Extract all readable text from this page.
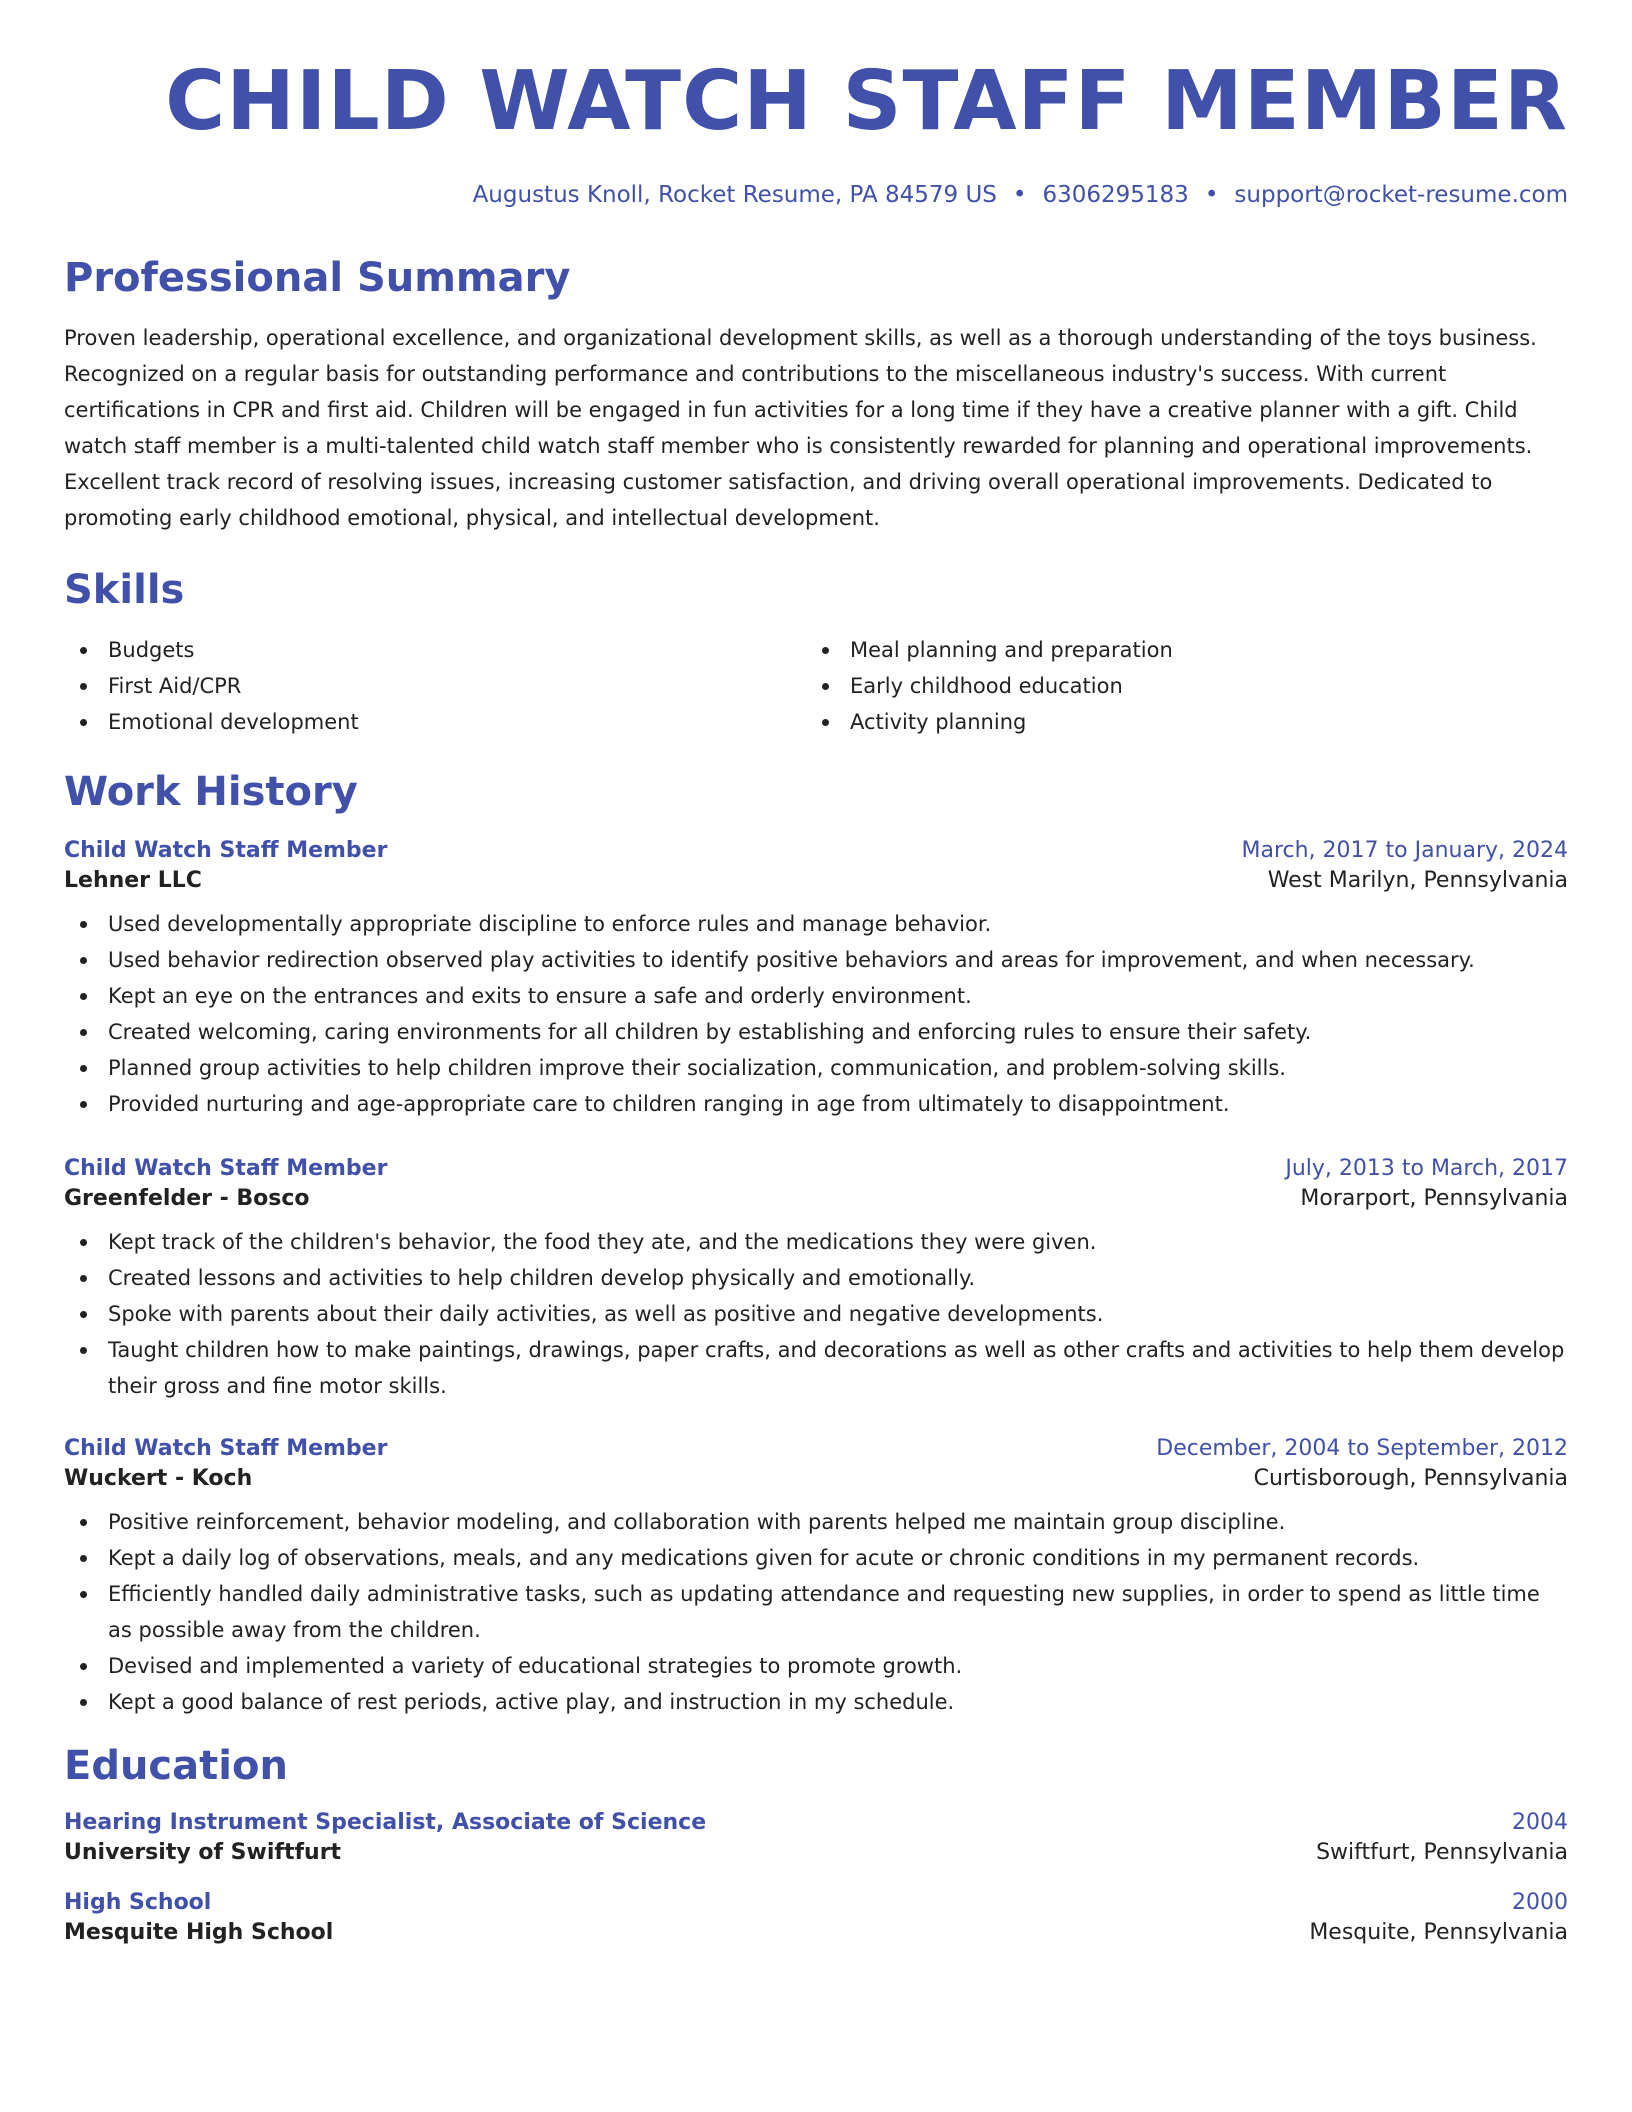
CHILD WATCH STAFF MEMBER
Augustus Knoll, Rocket Resume, PA 84579 US • 6306295183 • support@rocket-resume.com
Professional Summary
Proven leadership, operational excellence, and organizational development skills, as well as a thorough understanding of the toys business. Recognized on a regular basis for outstanding performance and contributions to the miscellaneous industry's success. With current certifications in CPR and first aid. Children will be engaged in fun activities for a long time if they have a creative planner with a gift. Child watch staff member is a multi-talented child watch staff member who is consistently rewarded for planning and operational improvements. Excellent track record of resolving issues, increasing customer satisfaction, and driving overall operational improvements. Dedicated to promoting early childhood emotional, physical, and intellectual development.
Skills
Budgets
First Aid/CPR
Emotional development
Meal planning and preparation
Early childhood education
Activity planning
Work History
Child Watch Staff Member	March, 2017 to January, 2024
Lehner LLC	West Marilyn, Pennsylvania
Used developmentally appropriate discipline to enforce rules and manage behavior.
Used behavior redirection observed play activities to identify positive behaviors and areas for improvement, and when necessary.
Kept an eye on the entrances and exits to ensure a safe and orderly environment.
Created welcoming, caring environments for all children by establishing and enforcing rules to ensure their safety.
Planned group activities to help children improve their socialization, communication, and problem-solving skills.
Provided nurturing and age-appropriate care to children ranging in age from ultimately to disappointment.
Child Watch Staff Member	July, 2013 to March, 2017
Greenfelder - Bosco	Morarport, Pennsylvania
Kept track of the children's behavior, the food they ate, and the medications they were given.
Created lessons and activities to help children develop physically and emotionally.
Spoke with parents about their daily activities, as well as positive and negative developments.
Taught children how to make paintings, drawings, paper crafts, and decorations as well as other crafts and activities to help them develop their gross and fine motor skills.
Child Watch Staff Member	December, 2004 to September, 2012
Wuckert - Koch	Curtisborough, Pennsylvania
Positive reinforcement, behavior modeling, and collaboration with parents helped me maintain group discipline.
Kept a daily log of observations, meals, and any medications given for acute or chronic conditions in my permanent records.
Efficiently handled daily administrative tasks, such as updating attendance and requesting new supplies, in order to spend as little time as possible away from the children.
Devised and implemented a variety of educational strategies to promote growth.
Kept a good balance of rest periods, active play, and instruction in my schedule.
Education
Hearing Instrument Specialist, Associate of Science	2004
University of Swiftfurt	Swiftfurt, Pennsylvania
High School	2000
Mesquite High School	Mesquite, Pennsylvania
